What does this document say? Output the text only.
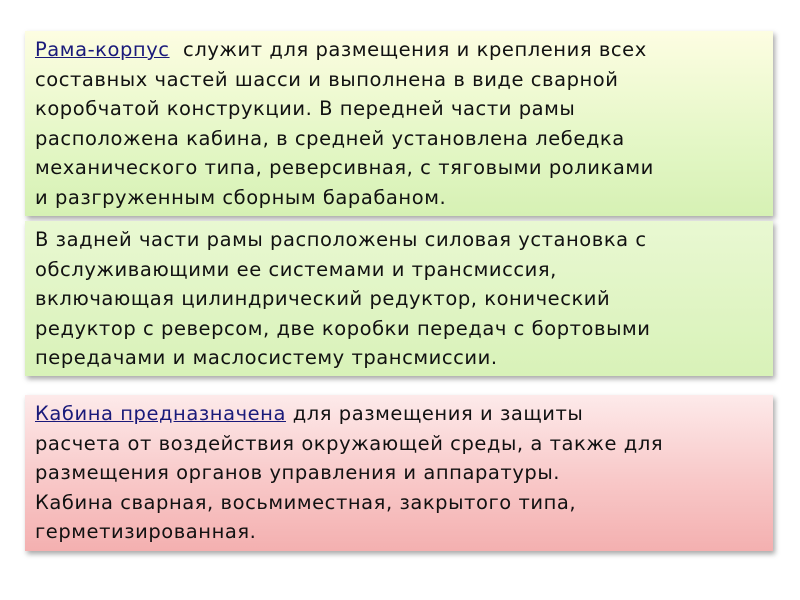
Рама-корпус  служит для размещения и крепления всех
составных частей шасси и выполнена в виде сварной
коробчатой конструкции. В передней части рамы
расположена кабина, в средней установлена лебедка
механического типа, реверсивная, с тяговыми роликами
и разгруженным сборным барабаном.
В задней части рамы расположены силовая установка с
обслуживающими ее системами и трансмиссия,
включающая цилиндрический редуктор, конический
редуктор с реверсом, две коробки передач с бортовыми
передачами и маслосистему трансмиссии.
Кабина предназначена для размещения и защиты
расчета от воздействия окружающей среды, а также для
размещения органов управления и аппаратуры.
Кабина сварная, восьмиместная, закрытого типа,
герметизированная.
